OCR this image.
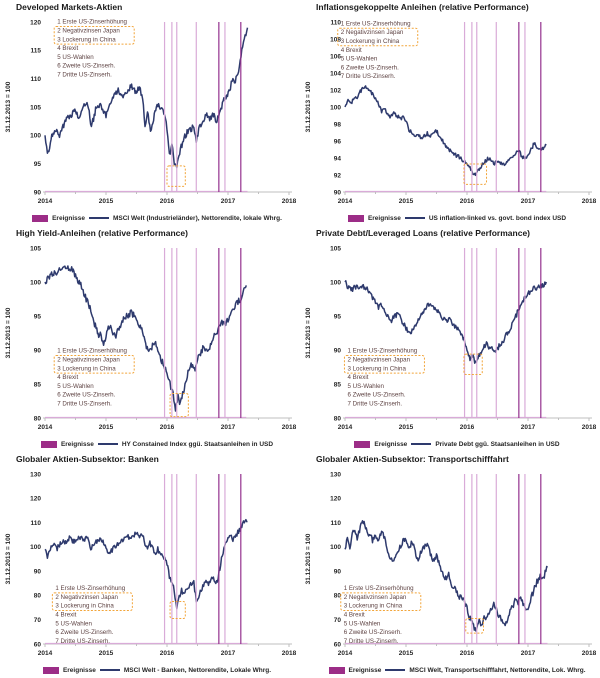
Developed Markets-Aktien
2014	2015	2016	2017	2018
90
95
100
105
110
115
120
31.12.2013 = 100
1 Erste US-Zinserhöhung
2 Negativzinsen Japan
3 Lockerung in China
4 Brexit
5 US-Wahlen
6 Zweite US-Zinserh.
7 Dritte US-Zinserh.
Ereignisse	MSCI Welt (Industrieländer), Nettorendite, lokale Whrg.
Inflationsgekoppelte Anleihen (relative Performance)
2014	2015	2016	2017	2018
90
92
94
96
98
100
102
104
106
108
110
31.12.2013 = 100
1 Erste US-Zinserhöhung
2 Negativzinsen Japan
3 Lockerung in China
4 Brexit
5 US-Wahlen
6 Zweite US-Zinserh.
7 Dritte US-Zinserh.
Ereignisse	US inflation-linked vs. govt. bond index USD
High Yield-Anleihen (relative Performance)
2014	2015	2016	2017	2018
80
85
90
95
100
105
31.12.2013 = 100	1 Erste US-Zinserhöhung
2 Negativzinsen Japan
3 Lockerung in China
4 Brexit
5 US-Wahlen
6 Zweite US-Zinserh.
7 Dritte US-Zinserh.
Ereignisse	HY Constained Index ggü. Staatsanleihen in USD
Private Debt/Leveraged Loans (relative Performance)
2014	2015	2016	2017	2018
80
85
90
95
100
105
31.12.2013 = 100	1 Erste US-Zinserhöhung
2 Negativzinsen Japan
3 Lockerung in China
4 Brexit
5 US-Wahlen
6 Zweite US-Zinserh.
7 Dritte US-Zinserh.
Ereignisse	Private Debt ggü. Staatsanleihen in USD
Globaler Aktien-Subsektor: Banken
2014	2015	2016	2017	2018
60
70
80
90
100
110
120
130
31.12.2013 = 100
1 Erste US-Zinserhöhung
2 Negativzinsen Japan
3 Lockerung in China
4 Brexit
5 US-Wahlen
6 Zweite US-Zinserh.
7 Dritte US-Zinserh.
Ereignisse	MSCI Welt - Banken, Nettorendite, Lokale Whrg.
Globaler Aktien-Subsektor: Transportschifffahrt
2014	2015	2016	2017	2018
60
70
80
90
100
110
120
130
31.12.2013 = 100
1 Erste US-Zinserhöhung
2 Negativzinsen Japan
3 Lockerung in China
4 Brexit
5 US-Wahlen
6 Zweite US-Zinserh.
7 Dritte US-Zinserh.
Ereignisse	MSCI Welt, Transportschifffahrt, Nettorendite, Lok. Whrg.
